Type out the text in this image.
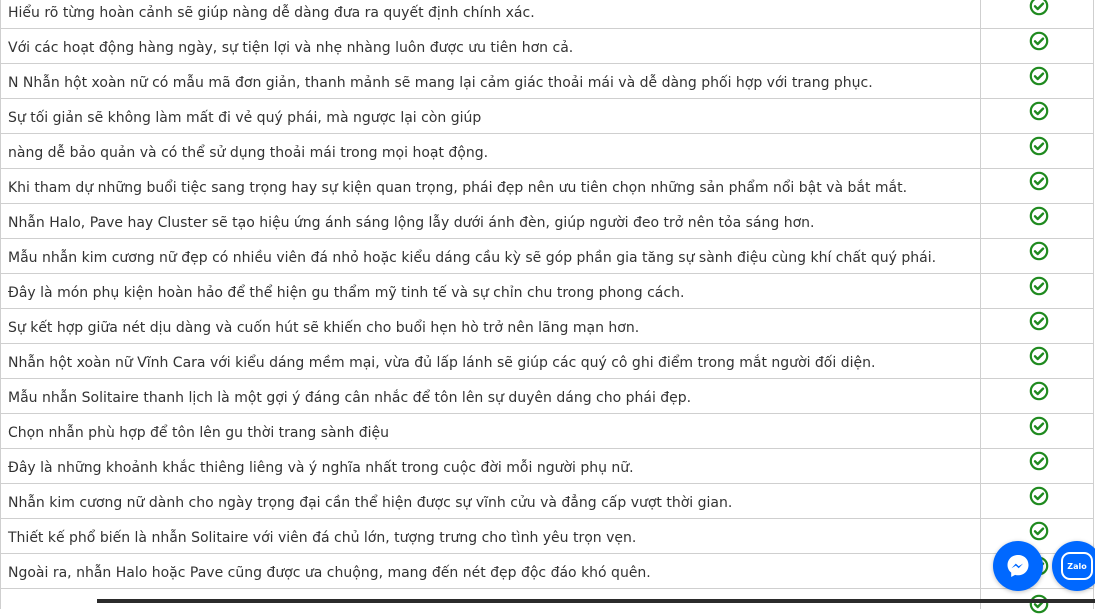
Hiểu rõ từng hoàn cảnh sẽ giúp nàng dễ dàng đưa ra quyết định chính xác.
Với các hoạt động hàng ngày, sự tiện lợi và nhẹ nhàng luôn được ưu tiên hơn cả.
N Nhẫn hột xoàn nữ có mẫu mã đơn giản, thanh mảnh sẽ mang lại cảm giác thoải mái và dễ dàng phối hợp với trang phục.
Sự tối giản sẽ không làm mất đi vẻ quý phái, mà ngược lại còn giúp
nàng dễ bảo quản và có thể sử dụng thoải mái trong mọi hoạt động.
Khi tham dự những buổi tiệc sang trọng hay sự kiện quan trọng, phái đẹp nên ưu tiên chọn những sản phẩm nổi bật và bắt mắt.
Nhẫn Halo, Pave hay Cluster sẽ tạo hiệu ứng ánh sáng lộng lẫy dưới ánh đèn, giúp người đeo trở nên tỏa sáng hơn.
Mẫu nhẫn kim cương nữ đẹp có nhiều viên đá nhỏ hoặc kiểu dáng cầu kỳ sẽ góp phần gia tăng sự sành điệu cùng khí chất quý phái.
Đây là món phụ kiện hoàn hảo để thể hiện gu thẩm mỹ tinh tế và sự chỉn chu trong phong cách.
Sự kết hợp giữa nét dịu dàng và cuốn hút sẽ khiến cho buổi hẹn hò trở nên lãng mạn hơn.
Nhẫn hột xoàn nữ Vĩnh Cara với kiểu dáng mềm mại, vừa đủ lấp lánh sẽ giúp các quý cô ghi điểm trong mắt người đối diện.
Mẫu nhẫn Solitaire thanh lịch là một gợi ý đáng cân nhắc để tôn lên sự duyên dáng cho phái đẹp.
Chọn nhẫn phù hợp để tôn lên gu thời trang sành điệu
Đây là những khoảnh khắc thiêng liêng và ý nghĩa nhất trong cuộc đời mỗi người phụ nữ.
Nhẫn kim cương nữ dành cho ngày trọng đại cần thể hiện được sự vĩnh cửu và đẳng cấp vượt thời gian.
Thiết kế phổ biến là nhẫn Solitaire với viên đá chủ lớn, tượng trưng cho tình yêu trọn vẹn.
Ngoài ra, nhẫn Halo hoặc Pave cũng được ưa chuộng, mang đến nét đẹp độc đáo khó quên.	Zalo
